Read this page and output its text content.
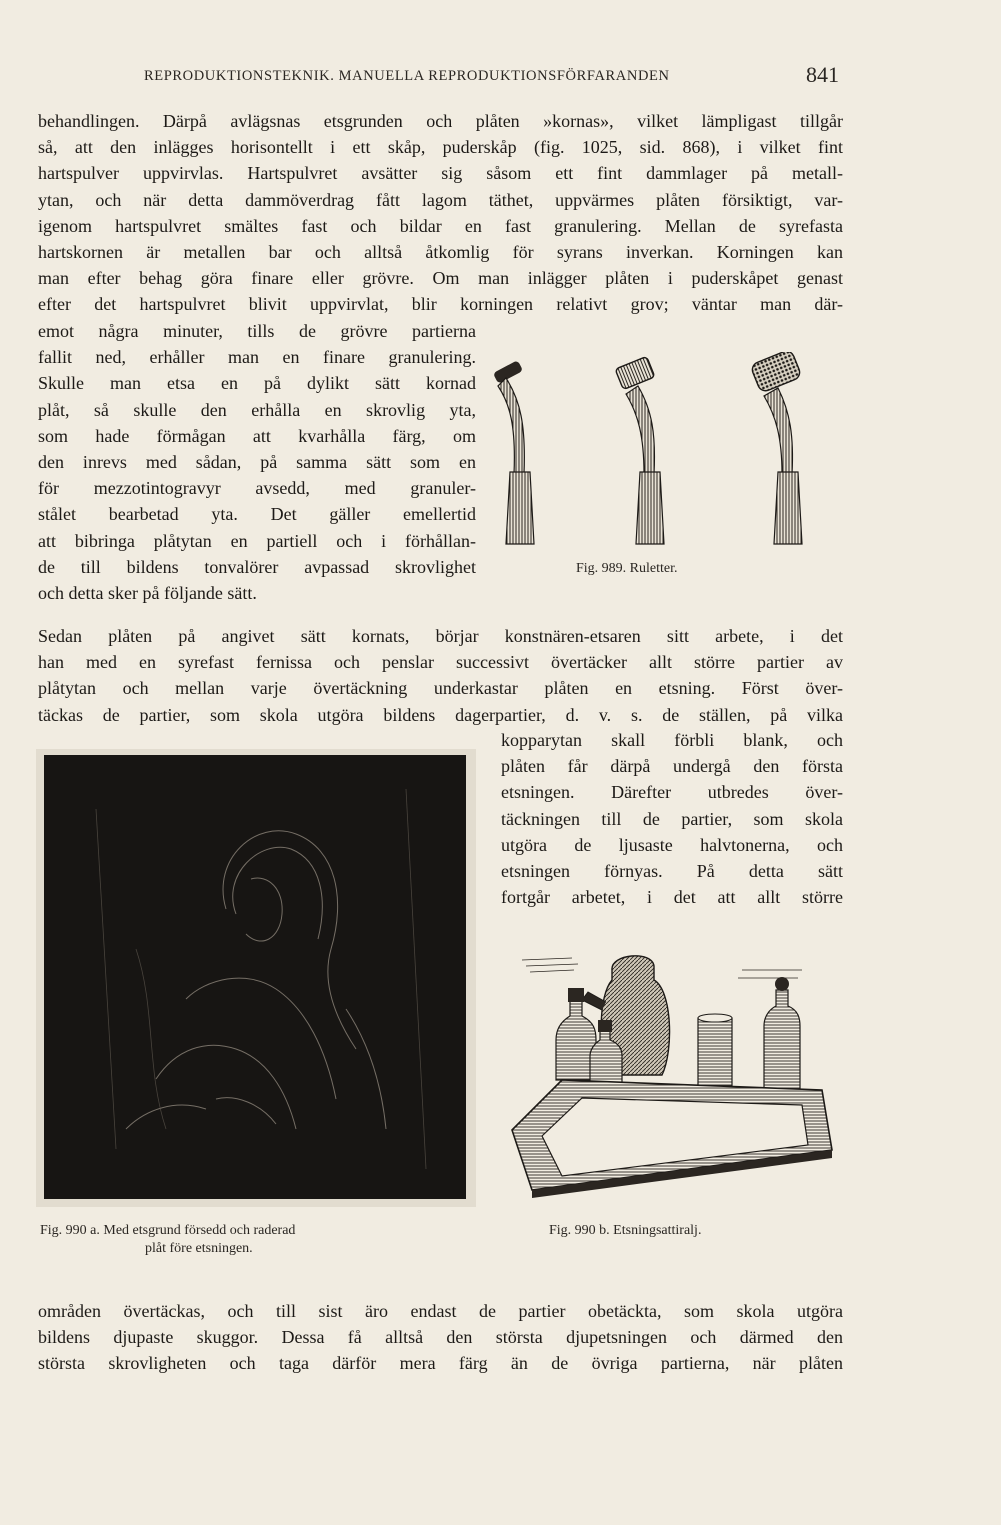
REPRODUKTIONSTEKNIK. MANUELLA REPRODUKTIONSFÖRFARANDEN	841
behandlingen. Därpå avlägsnas etsgrunden och plåten »kornas», vilket lämpligast tillgår
så, att den inlägges horisontellt i ett skåp, puderskåp (fig. 1025, sid. 868), i vilket fint
hartspulver uppvirvlas. Hartspulvret avsätter sig såsom ett fint dammlager på metall-
ytan, och när detta dammöverdrag fått lagom täthet, uppvärmes plåten försiktigt, var-
igenom hartspulvret smältes fast och bildar en fast granulering. Mellan de syrefasta
hartskornen är metallen bar och alltså åtkomlig för syrans inverkan. Korningen kan
man efter behag göra finare eller grövre. Om man inlägger plåten i puderskåpet genast
efter det hartspulvret blivit uppvirvlat, blir korningen relativt grov; väntar man där-
emot några minuter, tills de grövre partierna
fallit ned, erhåller man en finare granulering.
Skulle man etsa en på dylikt sätt kornad
plåt, så skulle den erhålla en skrovlig yta,
som hade förmågan att kvarhålla färg, om
den inrevs med sådan, på samma sätt som en
för mezzotintogravyr avsedd, med granuler-
stålet bearbetad yta. Det gäller emellertid
att bibringa plåtytan en partiell och i förhållan-
de till bildens tonvalörer avpassad skrovlighet
och detta sker på följande sätt.
Fig. 989. Ruletter.
Sedan plåten på angivet sätt kornats, börjar konstnären-etsaren sitt arbete, i det
han med en syrefast fernissa och penslar successivt övertäcker allt större partier av
plåtytan och mellan varje övertäckning underkastar plåten en etsning. Först över-
täckas de partier, som skola utgöra bildens dagerpartier, d. v. s. de ställen, på vilka
kopparytan skall förbli blank, och
plåten får därpå undergå den första
etsningen. Därefter utbredes över-
täckningen till de partier, som skola
utgöra de ljusaste halvtonerna, och
etsningen förnyas. På detta sätt
fortgår arbetet, i det att allt större
Fig. 990 a. Med etsgrund försedd och raderad
plåt före etsningen.
Fig. 990 b. Etsningsattiralj.
områden övertäckas, och till sist äro endast de partier obetäckta, som skola utgöra
bildens djupaste skuggor. Dessa få alltså den största djupetsningen och därmed den
största skrovligheten och taga därför mera färg än de övriga partierna, när plåten
